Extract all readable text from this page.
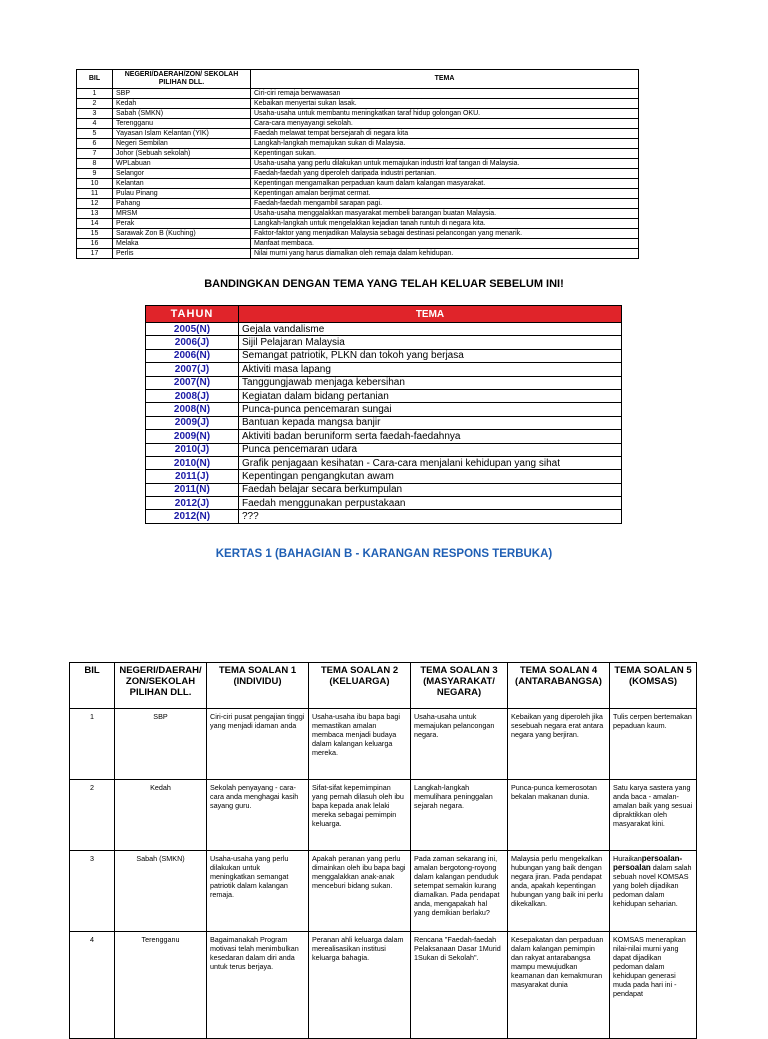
BIL	NEGERI/DAERAH/ZON/ SEKOLAH PILIHAN DLL.	TEMA
1	SBP	Ciri-ciri remaja berwawasan
2	Kedah	Kebaikan menyertai sukan lasak.
3	Sabah (SMKN)	Usaha-usaha untuk membantu meningkatkan taraf hidup golongan OKU.
4	Terengganu	Cara-cara menyayangi sekolah.
5	Yayasan Islam Kelantan (YIK)	Faedah melawat tempat bersejarah di negara kita
6	Negeri Sembilan	Langkah-langkah memajukan sukan di Malaysia.
7	Johor (Sebuah sekolah)	Kepentingan sukan.
8	WPLabuan	Usaha-usaha yang perlu dilakukan untuk memajukan industri kraf tangan di Malaysia.
9	Selangor	Faedah-faedah yang diperoleh daripada industri pertanian.
10	Kelantan	Kepentingan mengamalkan perpaduan kaum dalam kalangan masyarakat.
11	Pulau Pinang	Kepentingan amalan berjimat cermat.
12	Pahang	Faedah-faedah mengambil sarapan pagi.
13	MRSM	Usaha-usaha menggalakkan masyarakat membeli barangan buatan Malaysia.
14	Perak	Langkah-langkah untuk mengelakkan kejadian tanah runtuh di negara kita.
15	Sarawak Zon B (Kuching)	Faktor-faktor yang menjadikan Malaysia sebagai destinasi pelancongan yang menarik.
16	Melaka	Manfaat membaca.
17	Perlis	Nilai murni yang harus diamalkan oleh remaja dalam kehidupan.
BANDINGKAN DENGAN TEMA YANG TELAH KELUAR SEBELUM INI!
TAHUN	TEMA
2005(N)	Gejala vandalisme
2006(J)	Sijil Pelajaran Malaysia
2006(N)	Semangat patriotik, PLKN dan tokoh yang berjasa
2007(J)	Aktiviti masa lapang
2007(N)	Tanggungjawab menjaga kebersihan
2008(J)	Kegiatan dalam bidang pertanian
2008(N)	Punca-punca pencemaran sungai
2009(J)	Bantuan kepada mangsa banjir
2009(N)	Aktiviti badan beruniform serta faedah-faedahnya
2010(J)	Punca pencemaran udara
2010(N)	Grafik penjagaan kesihatan - Cara-cara menjalani kehidupan yang sihat
2011(J)	Kepentingan pengangkutan awam
2011(N)	Faedah belajar secara berkumpulan
2012(J)	Faedah menggunakan perpustakaan
2012(N)	???
KERTAS 1 (BAHAGIAN B - KARANGAN RESPONS TERBUKA)
BIL	NEGERI/DAERAH/ ZON/SEKOLAH PILIHAN DLL.	TEMA SOALAN 1 (INDIVIDU)	TEMA SOALAN 2 (KELUARGA)	TEMA SOALAN 3 (MASYARAKAT/ NEGARA)	TEMA SOALAN 4 (ANTARABANGSA)	TEMA SOALAN 5 (KOMSAS)
1	SBP	Ciri-ciri pusat pengajian tinggi yang menjadi idaman anda	Usaha-usaha ibu bapa bagi memastikan amalan membaca menjadi budaya dalam kalangan keluarga mereka.	Usaha-usaha untuk memajukan pelancongan negara.	Kebaikan yang diperoleh jika sesebuah negara erat antara negara yang berjiran.	Tulis cerpen bertemakan pepaduan kaum.
2	Kedah	Sekolah penyayang - cara-cara anda menghagai kasih sayang guru.	Sifat-sifat kepemimpinan yang pernah dilasuh oleh ibu bapa kepada anak lelaki mereka sebagai pemimpin keluarga.	Langkah-langkah memulihara peninggalan sejarah negara.	Punca-punca kemerosotan bekalan makanan dunia.	Satu karya sastera yang anda baca - amalan-amalan baik yang sesuai dipraktikkan oleh masyarakat kini.
3	Sabah (SMKN)	Usaha-usaha yang perlu dilakukan untuk meningkatkan semangat patriotik dalam kalangan remaja.	Apakah peranan yang perlu dimainkan oleh ibu bapa bagi menggalakkan anak-anak menceburi bidang sukan.	Pada zaman sekarang ini, amalan bergotong-royong dalam kalangan penduduk setempat semakin kurang diamalkan. Pada pendapat anda, mengapakah hal yang demikian berlaku?	Malaysia perlu mengekalkan hubungan yang baik dengan negara jiran. Pada pendapat anda, apakah kepentingan hubungan yang baik ini perlu dikekalkan.	Huraikanpersoalan-persoalan dalam salah sebuah novel KOMSAS yang boleh dijadikan pedoman dalam kehidupan seharian.
4	Terengganu	Bagaimanakah Program motivasi telah menimbulkan kesedaran dalam diri anda untuk terus berjaya.	Peranan ahli keluarga dalam merealisasikan institusi keluarga bahagia.	Rencana "Faedah-faedah Pelaksanaan Dasar 1Murid 1Sukan di Sekolah".	Kesepakatan dan perpaduan dalam kalangan pemimpin dan rakyat antarabangsa mampu mewujudkan keamanan dan kemakmuran masyarakat dunia	KOMSAS menerapkan nilai-nilai murni yang dapat dijadikan pedoman dalam kehidupan generasi muda pada hari ini - pendapat
